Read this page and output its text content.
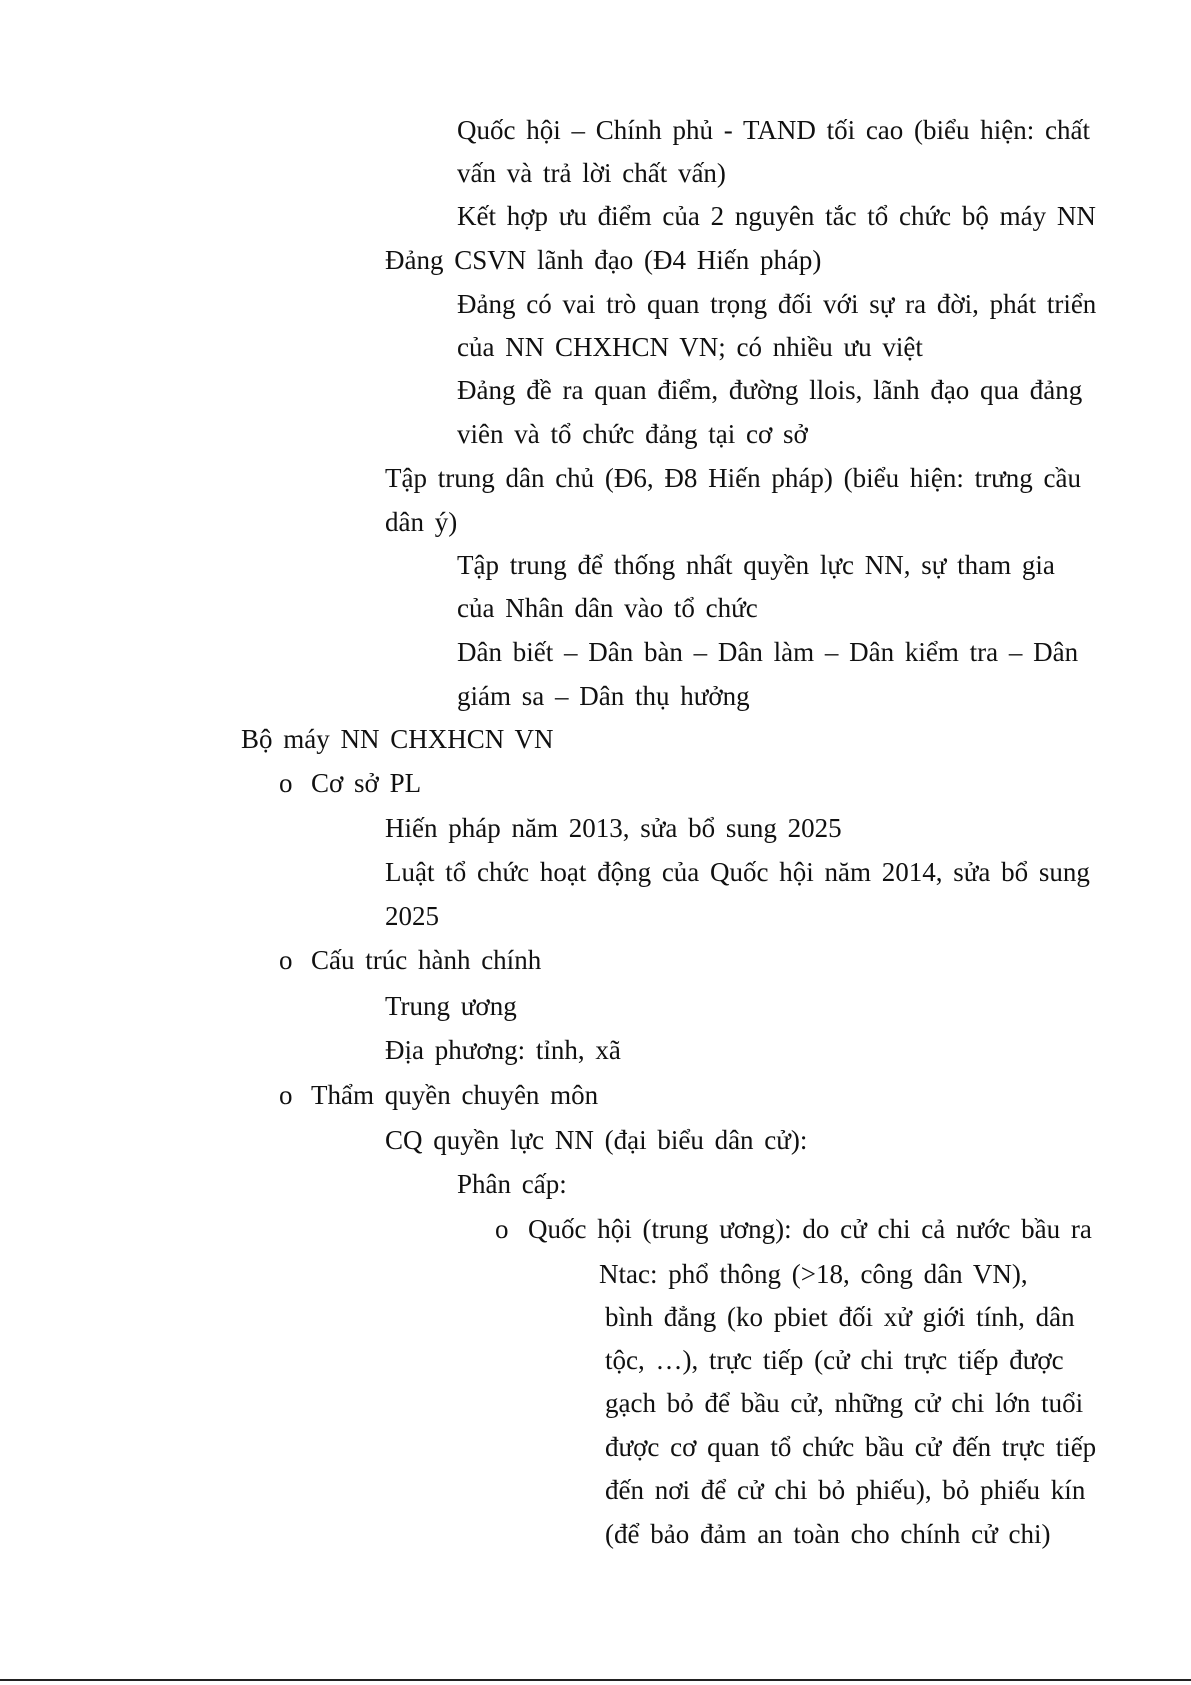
Quốc hội – Chính phủ - TAND tối cao (biểu hiện: chất
vấn và trả lời chất vấn)
Kết hợp ưu điểm của 2 nguyên tắc tổ chức bộ máy NN
Đảng CSVN lãnh đạo (Đ4 Hiến pháp)
Đảng có vai trò quan trọng đối với sự ra đời, phát triển
của NN CHXHCN VN; có nhiều ưu việt
Đảng đề ra quan điểm, đường llois, lãnh đạo qua đảng
viên và tổ chức đảng tại cơ sở
Tập trung dân chủ (Đ6, Đ8 Hiến pháp) (biểu hiện: trưng cầu
dân ý)
Tập trung để thống nhất quyền lực NN, sự tham gia
của Nhân dân vào tổ chức
Dân biết – Dân bàn – Dân làm – Dân kiểm tra – Dân
giám sa – Dân thụ hưởng
Bộ máy NN CHXHCN VN
o Cơ sở PL
Hiến pháp năm 2013, sửa bổ sung 2025
Luật tổ chức hoạt động của Quốc hội năm 2014, sửa bổ sung
2025
o Cấu trúc hành chính
Trung ương
Địa phương: tỉnh, xã
o Thẩm quyền chuyên môn
CQ quyền lực NN (đại biểu dân cử):
Phân cấp:
o Quốc hội (trung ương): do cử chi cả nước bầu ra
Ntac: phổ thông (>18, công dân VN),
bình đẳng (ko pbiet đối xử giới tính, dân
tộc, …), trực tiếp (cử chi trực tiếp được
gạch bỏ để bầu cử, những cử chi lớn tuổi
được cơ quan tổ chức bầu cử đến trực tiếp
đến nơi để cử chi bỏ phiếu), bỏ phiếu kín
(để bảo đảm an toàn cho chính cử chi)
